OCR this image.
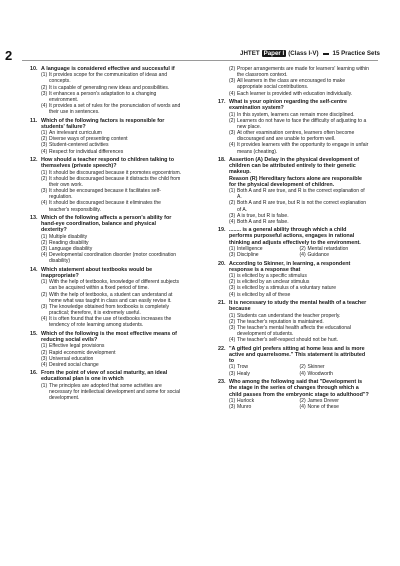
2	JHTET Paper I (Class I-V) 15 Practice Sets
10. A language is considered effective and successful if
(1) It provides scope for the communication of ideas and concepts.
(2) It is capable of generating new ideas and possibilities.
(3) It enhances a person's adaptation to a changing environment.
(4) It provides a set of rules for the pronunciation of words and their use in sentences.
11. Which of the following factors is responsible for students' failure?
(1) An irrelevant curriculum
(2) Diverse ways of presenting content
(3) Student-centered activities
(4) Respect for individual differences
12. How should a teacher respond to children talking to themselves (private speech)?
(1) It should be discouraged because it promotes egocentrism.
(2) It should be discouraged because it distracts the child from their own work.
(3) It should be encouraged because it facilitates self-regulation.
(4) It should be discouraged because it eliminates the teacher's responsibility.
13. Which of the following affects a person's ability for hand-eye coordination, balance and physical dexterity?
(1) Multiple disability
(2) Reading disability
(3) Language disability
(4) Developmental coordination disorder (motor coordination disability)
14. Which statement about textbooks would be inappropriate?
(1) With the help of textbooks, knowledge of different subjects can be acquired within a fixed period of time.
(2) With the help of textbooks, a student can understand at home what was taught in class and can easily revise it.
(3) The knowledge obtained from textbooks is completely practical; therefore, it is extremely useful.
(4) It is often found that the use of textbooks increases the tendency of rote learning among students.
15. Which of the following is the most effective means of reducing social evils?
(1) Effective legal provisions
(2) Rapid economic development
(3) Universal education
(4) Desired social change
16. From the point of view of social maturity, an ideal educational plan is one in which
(1) The principles are adopted that some activities are necessary for intellectual development and some for social development.
(2) Proper arrangements are made for learners' learning within the classroom context.
(3) All learners in the class are encouraged to make appropriate social contributions.
(4) Each learner is provided with education individually.
17. What is your opinion regarding the self-centre examination system?
(1) In this system, learners can remain more disciplined.
(2) Learners do not have to face the difficulty of adjusting to a new place.
(3) At other examination centres, learners often become discouraged and are unable to perform well.
(4) It provides learners with the opportunity to engage in unfair means (cheating).
18. Assertion (A) Delay in the physical development of children can be attributed entirely to their genetic makeup.
Reason (R) Hereditary factors alone are responsible for the physical development of children.
(1) Both A and R are true, and R is the correct explanation of A.
(2) Both A and R are true, but R is not the correct explanation of A.
(3) A is true, but R is false.
(4) Both A and R are false.
19. ........ is a general ability through which a child performs purposeful actions, engages in rational thinking and adjusts effectively to the environment.
(1) Intelligence	(2) Mental retardation
(3) Discipline	(4) Guidance
20. According to Skinner, in learning, a respondent response is a response that
(1) is elicited by a specific stimulus
(2) is elicited by an unclear stimulus
(3) is elicited by a stimulus of a voluntary nature
(4) is elicited by all of these
21. It is necessary to study the mental health of a teacher because
(1) Students can understand the teacher properly.
(2) The teacher's reputation is maintained.
(3) The teacher's mental health affects the educational development of students.
(4) The teacher's self-respect should not be hurt.
22. "A gifted girl prefers sitting at home less and is more active and quarrelsome." This statement is attributed to
(1) Trow	(2) Skinner
(3) Healy	(4) Woodworth
23. Who among the following said that "Development is the stage in the series of changes through which a child passes from the embryonic stage to adulthood"?
(1) Hurlock	(2) James Drever
(3) Munro	(4) None of these
